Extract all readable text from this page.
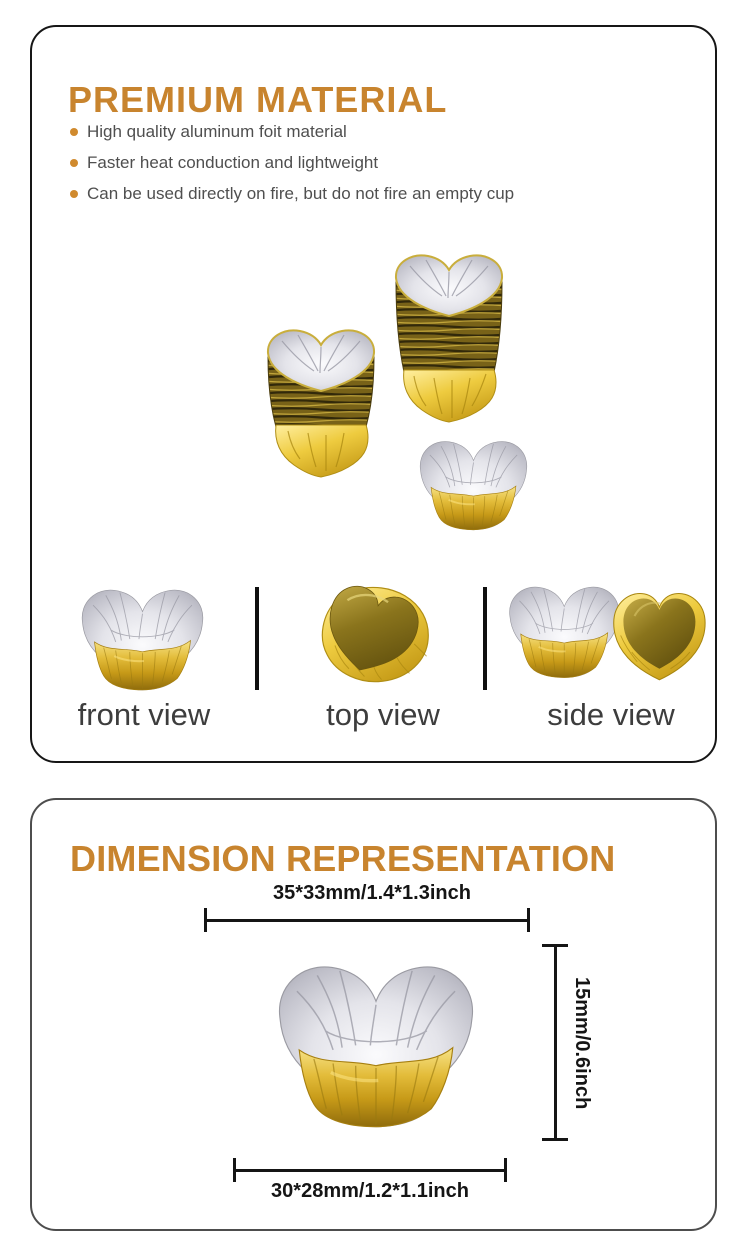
PREMIUM MATERIAL
High quality aluminum foit material
Faster heat conduction and lightweight
Can be used directly on fire, but do not fire an empty cup
front view	top view	side view
DIMENSION REPRESENTATION
35*33mm/1.4*1.3inch
15mm/0.6inch
30*28mm/1.2*1.1inch
